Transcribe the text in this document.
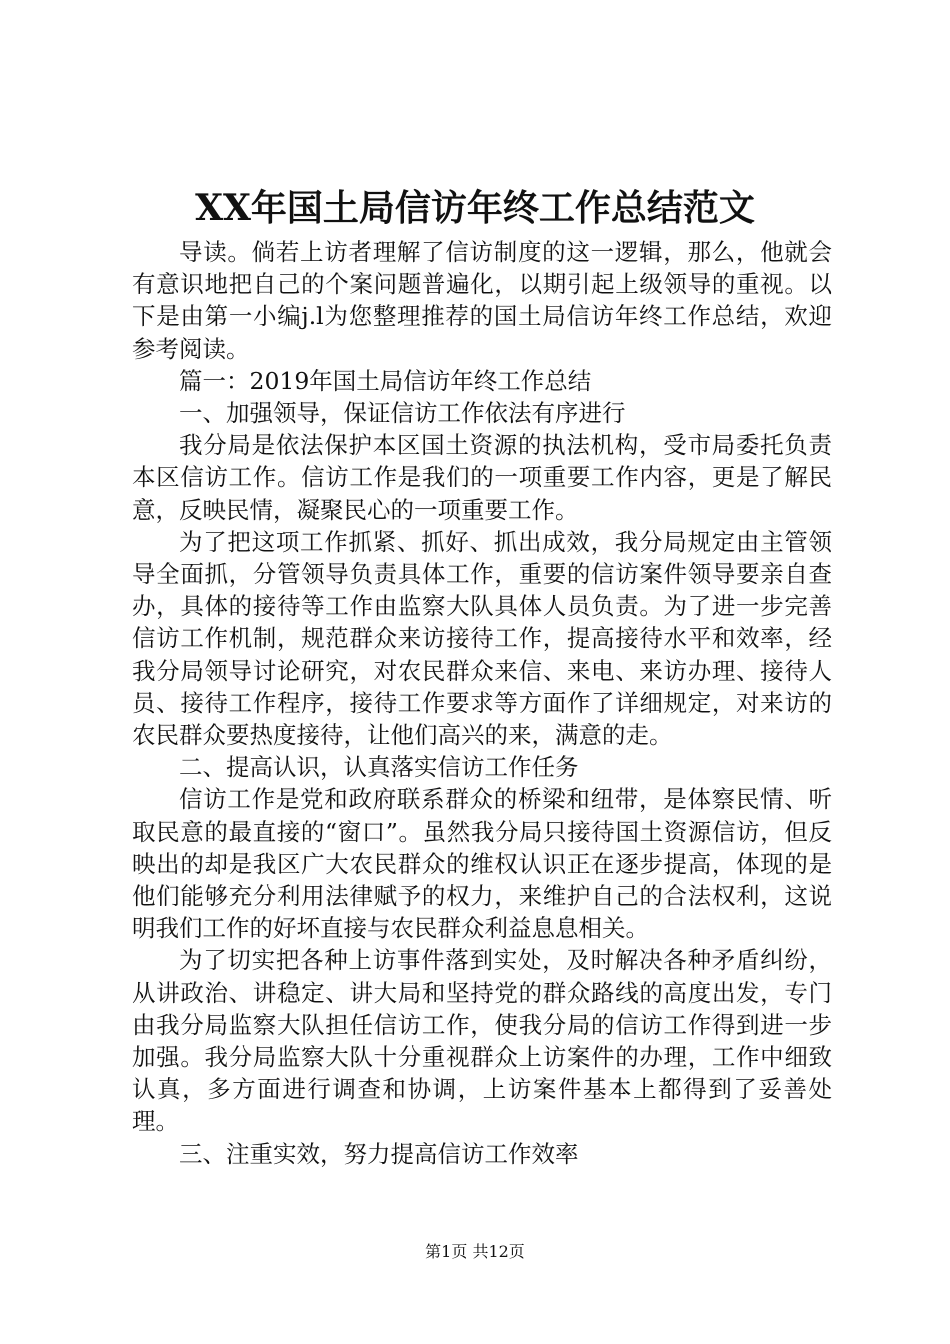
XX年国土局信访年终工作总结范文

导读。倘若上访者理解了信访制度的这一逻辑，那么，他就会有意识地把自己的个案问题普遍化，以期引起上级领导的重视。以下是由第一小编j.l为您整理推荐的国土局信访年终工作总结，欢迎参考阅读。

篇一：2019年国土局信访年终工作总结

一、加强领导，保证信访工作依法有序进行

我分局是依法保护本区国土资源的执法机构，受市局委托负责本区信访工作。信访工作是我们的一项重要工作内容，更是了解民意，反映民情，凝聚民心的一项重要工作。

为了把这项工作抓紧、抓好、抓出成效，我分局规定由主管领导全面抓，分管领导负责具体工作，重要的信访案件领导要亲自查办，具体的接待等工作由监察大队具体人员负责。为了进一步完善信访工作机制，规范群众来访接待工作，提高接待水平和效率，经我分局领导讨论研究，对农民群众来信、来电、来访办理、接待人员、接待工作程序，接待工作要求等方面作了详细规定，对来访的农民群众要热度接待，让他们高兴的来，满意的走。

二、提高认识，认真落实信访工作任务

信访工作是党和政府联系群众的桥梁和纽带，是体察民情、听取民意的最直接的“窗口”。虽然我分局只接待国土资源信访，但反映出的却是我区广大农民群众的维权认识正在逐步提高，体现的是他们能够充分利用法律赋予的权力，来维护自己的合法权利，这说明我们工作的好坏直接与农民群众利益息息相关。

为了切实把各种上访事件落到实处，及时解决各种矛盾纠纷，从讲政治、讲稳定、讲大局和坚持党的群众路线的高度出发，专门由我分局监察大队担任信访工作，使我分局的信访工作得到进一步加强。我分局监察大队十分重视群众上访案件的办理，工作中细致认真，多方面进行调查和协调，上访案件基本上都得到了妥善处理。

三、注重实效，努力提高信访工作效率

第1页 共12页
